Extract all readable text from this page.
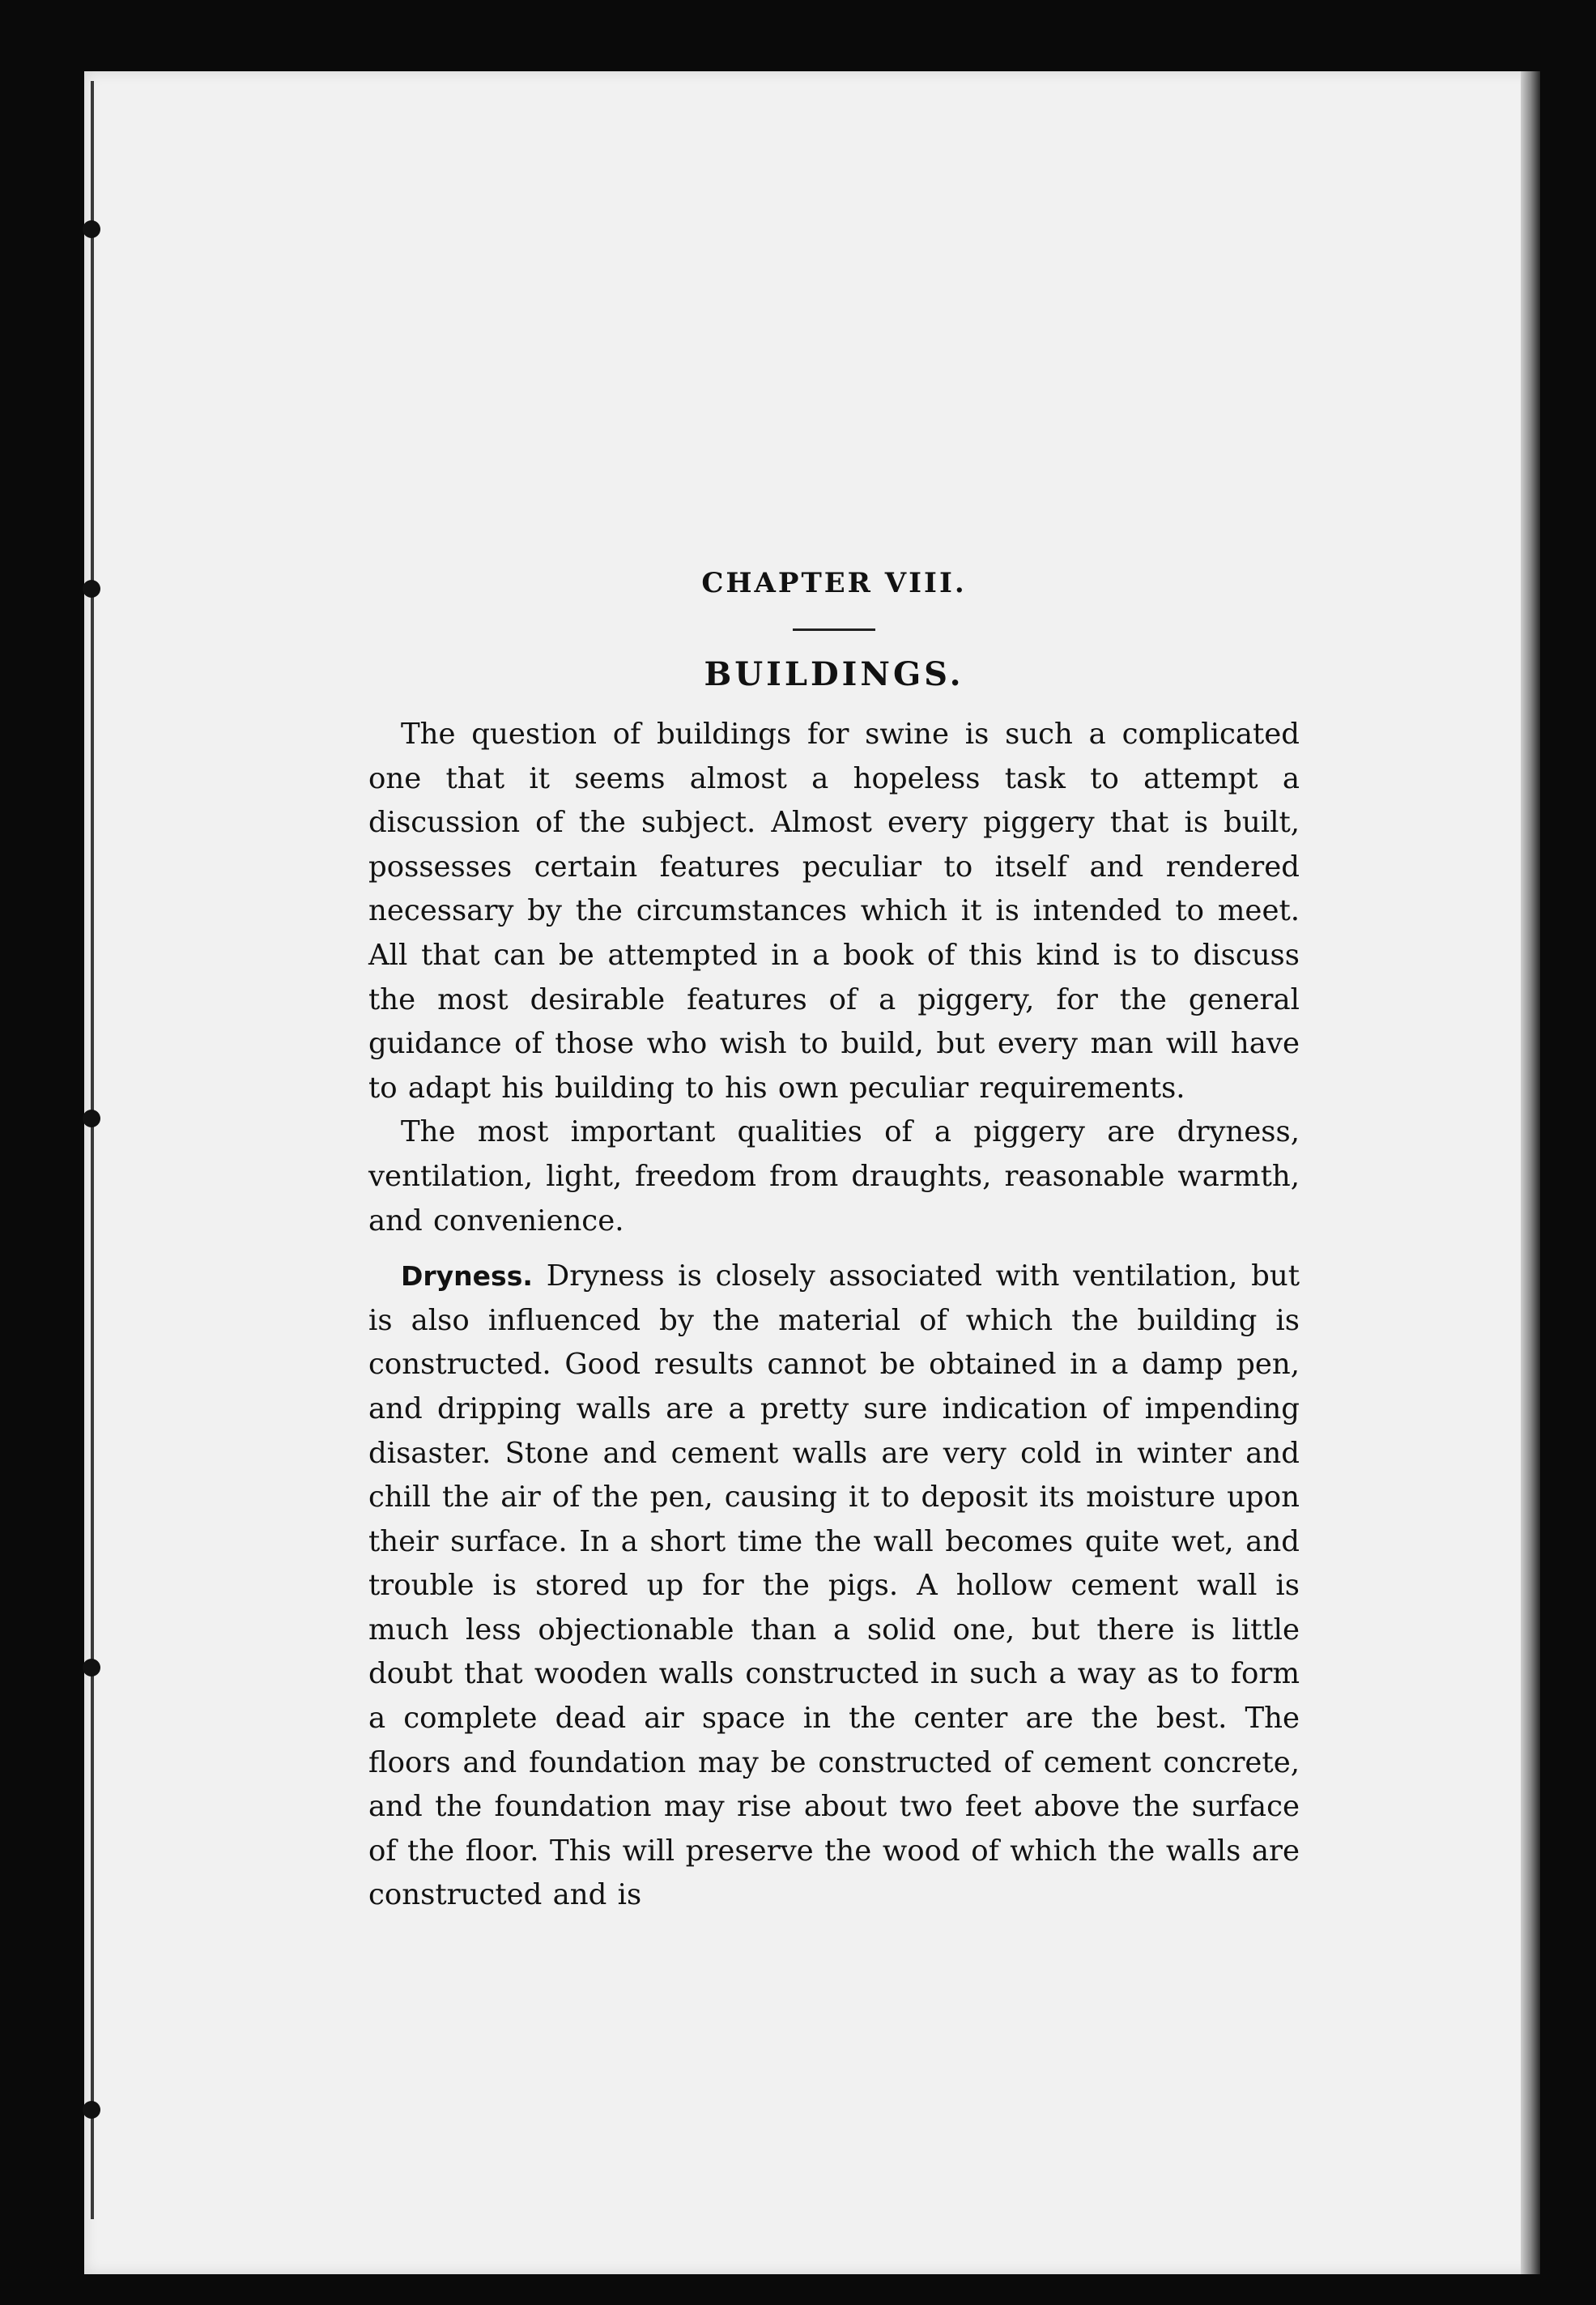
CHAPTER VIII.
BUILDINGS.

The question of buildings for swine is such a complicated one that it seems almost a hopeless task to attempt a discussion of the subject. Almost every piggery that is built, possesses certain features peculiar to itself and rendered necessary by the circumstances which it is intended to meet. All that can be attempted in a book of this kind is to discuss the most desirable features of a piggery, for the general guidance of those who wish to build, but every man will have to adapt his building to his own peculiar requirements.

The most important qualities of a piggery are dryness, ventilation, light, freedom from draughts, reasonable warmth, and convenience.

Dryness. Dryness is closely associated with ventilation, but is also influenced by the material of which the building is constructed. Good results cannot be obtained in a damp pen, and dripping walls are a pretty sure indication of impending disaster. Stone and cement walls are very cold in winter and chill the air of the pen, causing it to deposit its moisture upon their surface. In a short time the wall becomes quite wet, and trouble is stored up for the pigs. A hollow cement wall is much less objectionable than a solid one, but there is little doubt that wooden walls constructed in such a way as to form a complete dead air space in the center are the best. The floors and foundation may be constructed of cement concrete, and the foundation may rise about two feet above the surface of the floor. This will preserve the wood of which the walls are constructed and is
